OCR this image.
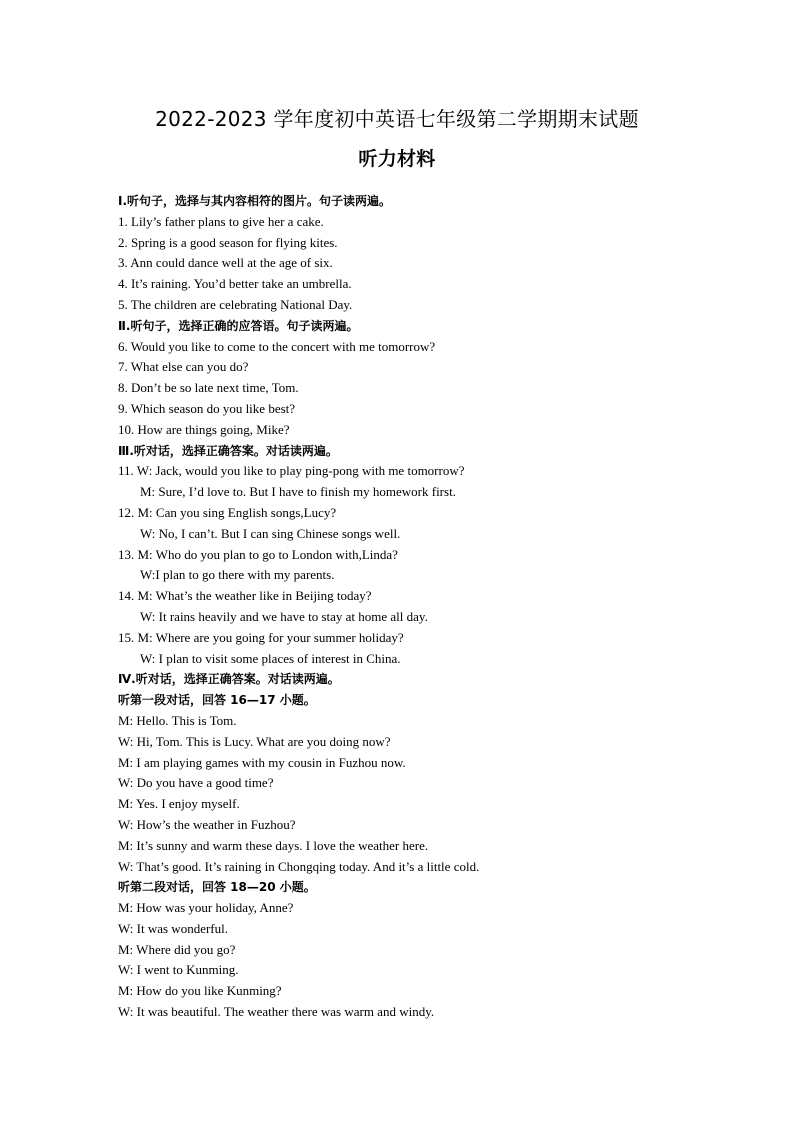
2022-2023 学年度初中英语七年级第二学期期末试题
听力材料
Ⅰ.听句子，选择与其内容相符的图片。句子读两遍。
1. Lily’s father plans to give her a cake.
2. Spring is a good season for flying kites.
3. Ann could dance well at the age of six.
4. It’s raining. You’d better take an umbrella.
5. The children are celebrating National Day.
Ⅱ.听句子，选择正确的应答语。句子读两遍。
6. Would you like to come to the concert with me tomorrow?
7. What else can you do?
8. Don’t be so late next time, Tom.
9. Which season do you like best?
10. How are things going, Mike?
Ⅲ.听对话，选择正确答案。对话读两遍。
11. W: Jack, would you like to play ping-pong with me tomorrow?
M: Sure, I’d love to. But I have to finish my homework first.
12. M: Can you sing English songs,Lucy?
W: No, I can’t. But I can sing Chinese songs well.
13. M: Who do you plan to go to London with,Linda?
W:I plan to go there with my parents.
14. M: What’s the weather like in Beijing today?
W: It rains heavily and we have to stay at home all day.
15. M: Where are you going for your summer holiday?
W: I plan to visit some places of interest in China.
Ⅳ.听对话，选择正确答案。对话读两遍。
听第一段对话，回答 16—17 小题。
M: Hello. This is Tom.
W: Hi, Tom. This is Lucy. What are you doing now?
M: I am playing games with my cousin in Fuzhou now.
W: Do you have a good time?
M: Yes. I enjoy myself.
W: How’s the weather in Fuzhou?
M: It’s sunny and warm these days. I love the weather here.
W: That’s good. It’s raining in Chongqing today. And it’s a little cold.
听第二段对话，回答 18—20 小题。
M: How was your holiday, Anne?
W: It was wonderful.
M: Where did you go?
W: I went to Kunming.
M: How do you like Kunming?
W: It was beautiful. The weather there was warm and windy.
